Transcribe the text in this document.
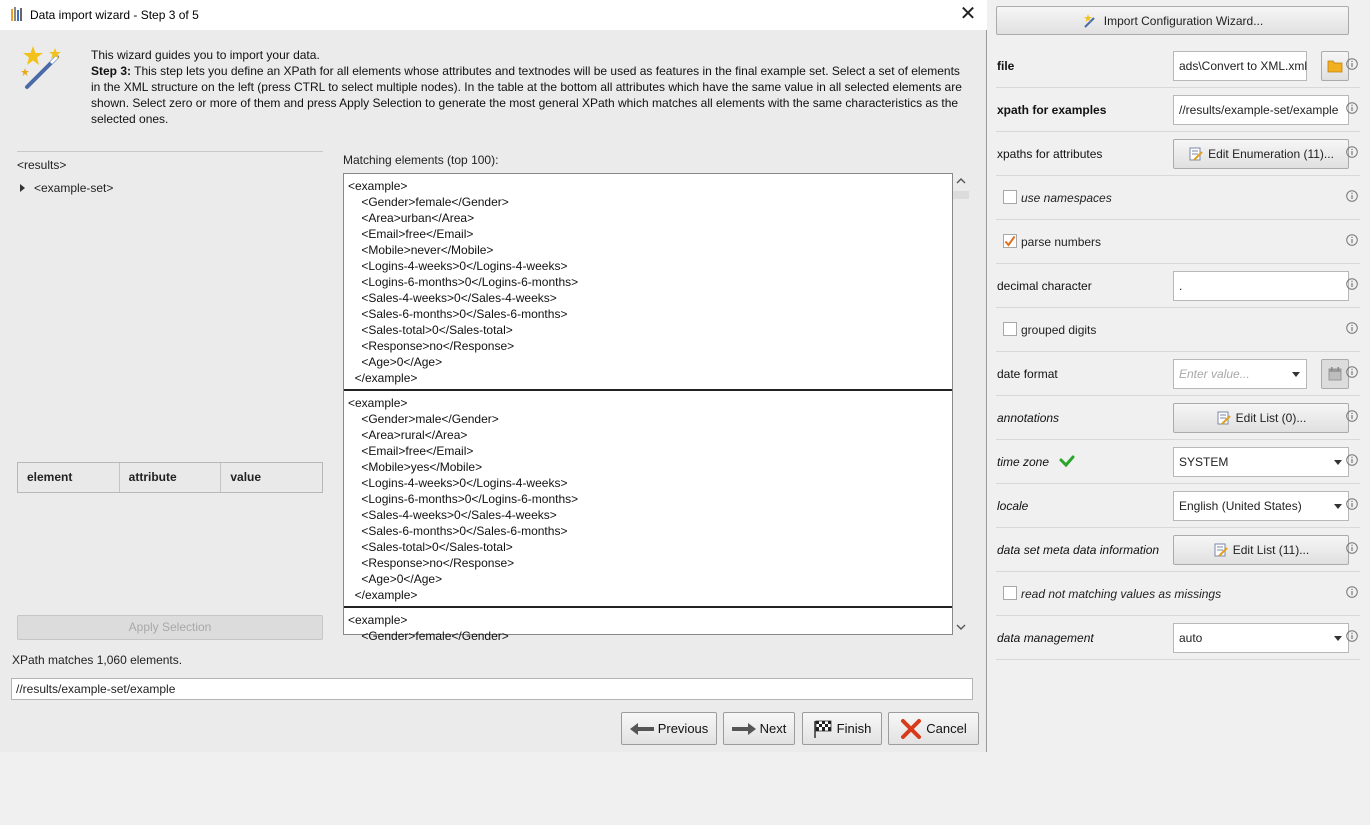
Data import wizard - Step 3 of 5	✕
This wizard guides you to import your data.
Step 3: This step lets you define an XPath for all elements whose attributes and textnodes will be used as features in the final example set. Select a set of elements in the XML structure on the left (press CTRL to select multiple nodes). In the table at the bottom all attributes which have the same value in all selected elements are shown. Select zero or more of them and press Apply Selection to generate the most general XPath which matches all elements with the same characteristics as the selected ones.
<results>
<example-set>
element	attribute	value
Apply Selection
Matching elements (top 100):
<example>
<Gender>female</Gender>
<Area>urban</Area>
<Email>free</Email>
<Mobile>never</Mobile>
<Logins-4-weeks>0</Logins-4-weeks>
<Logins-6-months>0</Logins-6-months>
<Sales-4-weeks>0</Sales-4-weeks>
<Sales-6-months>0</Sales-6-months>
<Sales-total>0</Sales-total>
<Response>no</Response>
<Age>0</Age>
</example>
<example>
<Gender>male</Gender>
<Area>rural</Area>
<Email>free</Email>
<Mobile>yes</Mobile>
<Logins-4-weeks>0</Logins-4-weeks>
<Logins-6-months>0</Logins-6-months>
<Sales-4-weeks>0</Sales-4-weeks>
<Sales-6-months>0</Sales-6-months>
<Sales-total>0</Sales-total>
<Response>no</Response>
<Age>0</Age>
</example>
<example>
<Gender>female</Gender>
XPath matches 1,060 elements.
//results/example-set/example
Previous	Next	Finish	Cancel
Import Configuration Wizard...
file	ads\Convert to XML.xml
xpath for examples	//results/example-set/example
xpaths for attributes	Edit Enumeration (11)...
use namespaces
parse numbers
decimal character	.
grouped digits
date format	Enter value...
annotations	Edit List (0)...
time zone	SYSTEM
locale	English (United States)
data set meta data information	Edit List (11)...
read not matching values as missings
data management	auto
